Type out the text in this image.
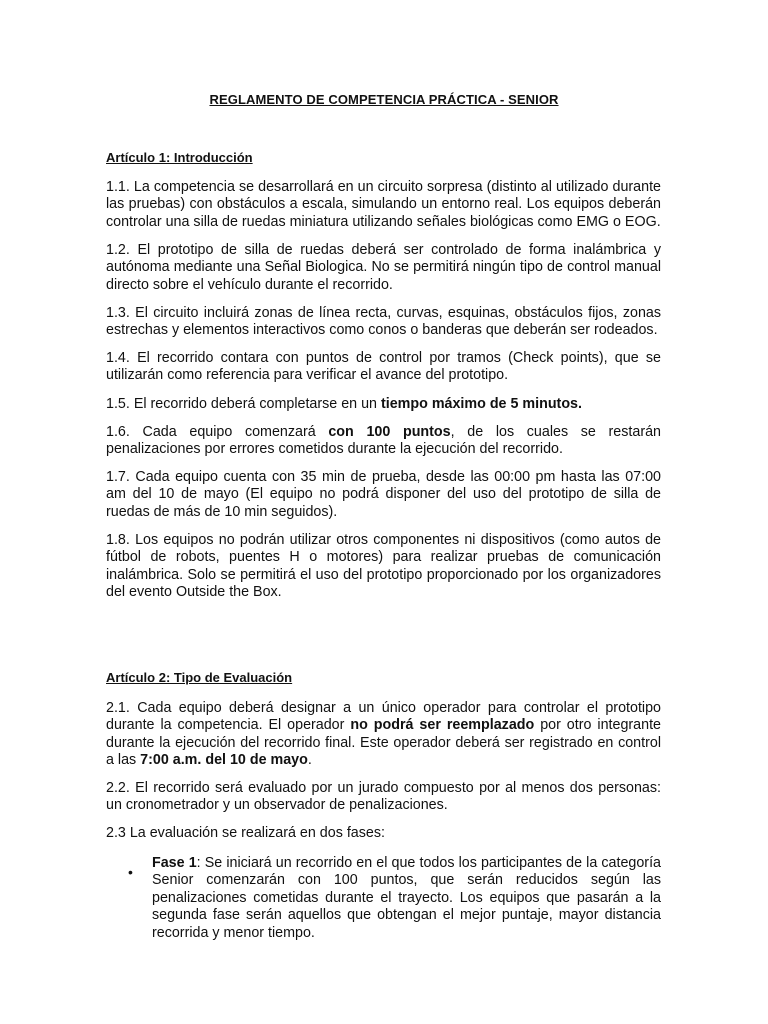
REGLAMENTO DE COMPETENCIA PRÁCTICA - SENIOR
Artículo 1: Introducción

1.1. La competencia se desarrollará en un circuito sorpresa (distinto al utilizado durante las pruebas) con obstáculos a escala, simulando un entorno real. Los equipos deberán controlar una silla de ruedas miniatura utilizando señales biológicas como EMG o EOG.

1.2. El prototipo de silla de ruedas deberá ser controlado de forma inalámbrica y autónoma mediante una Señal Biologica. No se permitirá ningún tipo de control manual directo sobre el vehículo durante el recorrido.

1.3. El circuito incluirá zonas de línea recta, curvas, esquinas, obstáculos fijos, zonas estrechas y elementos interactivos como conos o banderas que deberán ser rodeados.

1.4. El recorrido contara con puntos de control por tramos (Check points), que se utilizarán como referencia para verificar el avance del prototipo.

1.5. El recorrido deberá completarse en un tiempo máximo de 5 minutos.

1.6. Cada equipo comenzará con 100 puntos, de los cuales se restarán penalizaciones por errores cometidos durante la ejecución del recorrido.

1.7. Cada equipo cuenta con 35 min de prueba, desde las 00:00 pm hasta las 07:00 am del 10 de mayo (El equipo no podrá disponer del uso del prototipo de silla de ruedas de más de 10 min seguidos).

1.8. Los equipos no podrán utilizar otros componentes ni dispositivos (como autos de fútbol de robots, puentes H o motores) para realizar pruebas de comunicación inalámbrica. Solo se permitirá el uso del prototipo proporcionado por los organizadores del evento Outside the Box.

Artículo 2: Tipo de Evaluación

2.1. Cada equipo deberá designar a un único operador para controlar el prototipo durante la competencia. El operador no podrá ser reemplazado por otro integrante durante la ejecución del recorrido final. Este operador deberá ser registrado en control a las 7:00 a.m. del 10 de mayo.

2.2. El recorrido será evaluado por un jurado compuesto por al menos dos personas: un cronometrador y un observador de penalizaciones.

2.3 La evaluación se realizará en dos fases:

•

Fase 1: Se iniciará un recorrido en el que todos los participantes de la categoría Senior comenzarán con 100 puntos, que serán reducidos según las penalizaciones cometidas durante el trayecto. Los equipos que pasarán a la segunda fase serán aquellos que obtengan el mejor puntaje, mayor distancia recorrida y menor tiempo.
